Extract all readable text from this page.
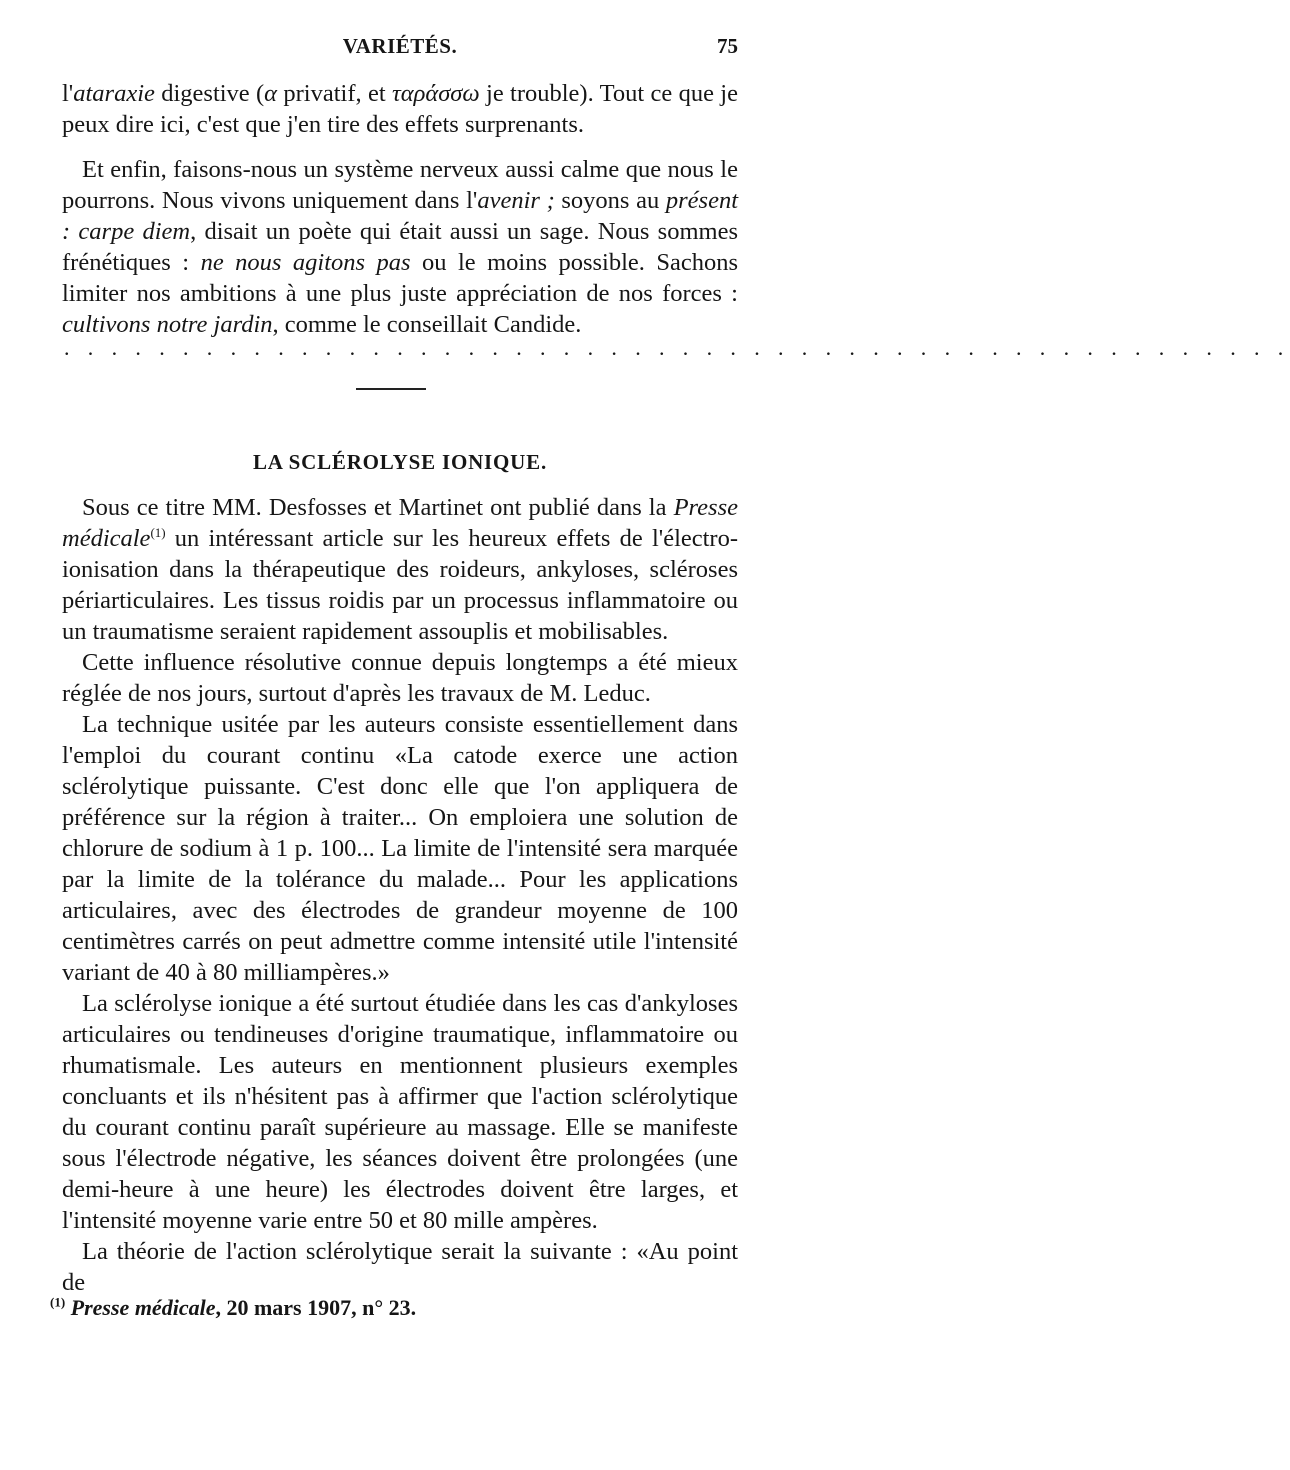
VARIÉTÉS.	75

l'ataraxie digestive (α privatif, et ταράσσω je trouble). Tout ce que je peux dire ici, c'est que j'en tire des effets surprenants.

Et enfin, faisons-nous un système nerveux aussi calme que nous le pourrons. Nous vivons uniquement dans l'avenir ; soyons au présent : carpe diem, disait un poète qui était aussi un sage. Nous sommes frénétiques : ne nous agitons pas ou le moins possible. Sachons limiter nos ambitions à une plus juste appréciation de nos forces : cultivons notre jardin, comme le conseillait Candide.

. . . . . . . . . . . . . . . . . . . . . . . . . . . . . . . . . . . . . . . . . . . . . . . . . . . .
LA SCLÉROLYSE IONIQUE.

Sous ce titre MM. Desfosses et Martinet ont publié dans la Presse médicale$^{(1)}$ un intéressant article sur les heureux effets de l'électro-ionisation dans la thérapeutique des roideurs, ankyloses, scléroses périarticulaires. Les tissus roidis par un processus inflammatoire ou un traumatisme seraient rapidement assouplis et mobilisables.

Cette influence résolutive connue depuis longtemps a été mieux réglée de nos jours, surtout d'après les travaux de M. Leduc.

La technique usitée par les auteurs consiste essentiellement dans l'emploi du courant continu «La catode exerce une action sclérolytique puissante. C'est donc elle que l'on appliquera de préférence sur la région à traiter... On emploiera une solution de chlorure de sodium à 1 p. 100... La limite de l'intensité sera marquée par la limite de la tolérance du malade... Pour les applications articulaires, avec des électrodes de grandeur moyenne de 100 centimètres carrés on peut admettre comme intensité utile l'intensité variant de 40 à 80 milliampères.»

La sclérolyse ionique a été surtout étudiée dans les cas d'ankyloses articulaires ou tendineuses d'origine traumatique, inflammatoire ou rhumatismale. Les auteurs en mentionnent plusieurs exemples concluants et ils n'hésitent pas à affirmer que l'action sclérolytique du courant continu paraît supérieure au massage. Elle se manifeste sous l'électrode négative, les séances doivent être prolongées (une demi-heure à une heure) les électrodes doivent être larges, et l'intensité moyenne varie entre 50 et 80 mille ampères.

La théorie de l'action sclérolytique serait la suivante : «Au point de

$^{(1)}$ Presse médicale, 20 mars 1907, n° 23.
